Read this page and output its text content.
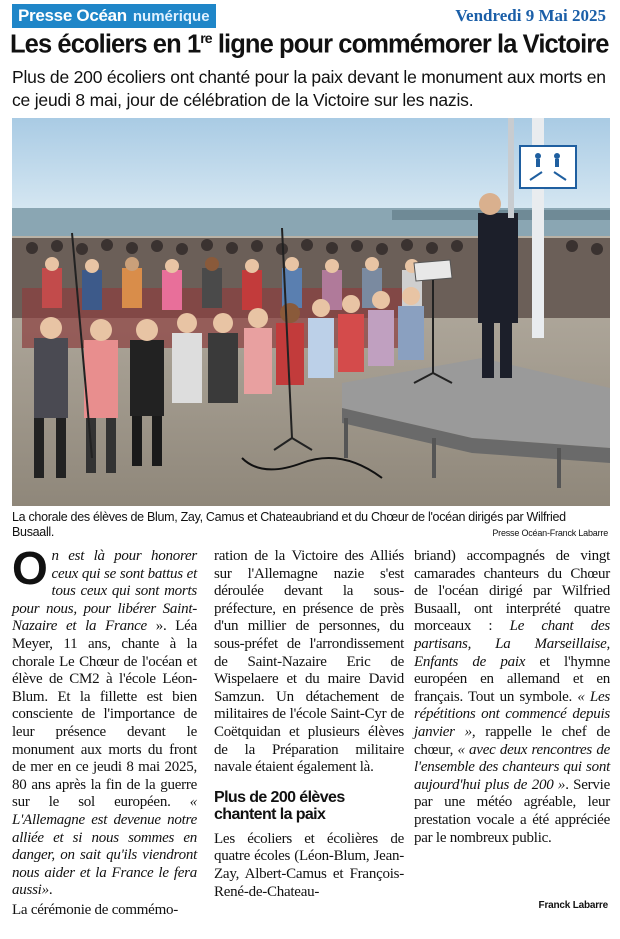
Presse Océan numérique	Vendredi 9 Mai 2025
Les écoliers en 1re ligne pour commémorer la Victoire

Plus de 200 écoliers ont chanté pour la paix devant le monument aux morts en ce jeudi 8 mai, jour de célébration de la Victoire sur les nazis.

La chorale des élèves de Blum, Zay, Camus et Chateaubriand et du Chœur de l'océan dirigés par Wilfried Busaall.	Presse Océan-Franck Labarre

On est là pour honorer ceux qui se sont battus et tous ceux qui sont morts pour nous, pour libérer Saint-Nazaire et la France ». Léa Meyer, 11 ans, chante à la chorale Le Chœur de l'océan et élève de CM2 à l'école Léon-Blum. Et la fillette est bien consciente de l'importance de leur présence devant le monument aux morts du front de mer en ce jeudi 8 mai 2025, 80 ans après la fin de la guerre sur le sol européen. « L'Allemagne est devenue notre alliée et si nous sommes en danger, on sait qu'ils viendront nous aider et la France le fera aussi».

La cérémonie de commémo-

ration de la Victoire des Alliés sur l'Allemagne nazie s'est déroulée devant la sous-préfecture, en présence de près d'un millier de personnes, du sous-préfet de l'arrondissement de Saint-Nazaire Eric de Wispelaere et du maire David Samzun. Un détachement de militaires de l'école Saint-Cyr de Coëtquidan et plusieurs élèves de la Préparation militaire navale étaient également là.

Plus de 200 élèves chantent la paix

Les écoliers et écolières de quatre écoles (Léon-Blum, Jean-Zay, Albert-Camus et François-René-de-Chateau-

briand) accompagnés de vingt camarades chanteurs du Chœur de l'océan dirigé par Wilfried Busaall, ont interprété quatre morceaux : Le chant des partisans, La Marseillaise, Enfants de paix et l'hymne européen en allemand et en français. Tout un symbole. « Les répétitions ont commencé depuis janvier », rappelle le chef de chœur, « avec deux rencontres de l'ensemble des chanteurs qui sont aujourd'hui plus de 200 ». Servie par une météo agréable, leur prestation vocale a été appréciée par le nombreux public.

Franck Labarre
